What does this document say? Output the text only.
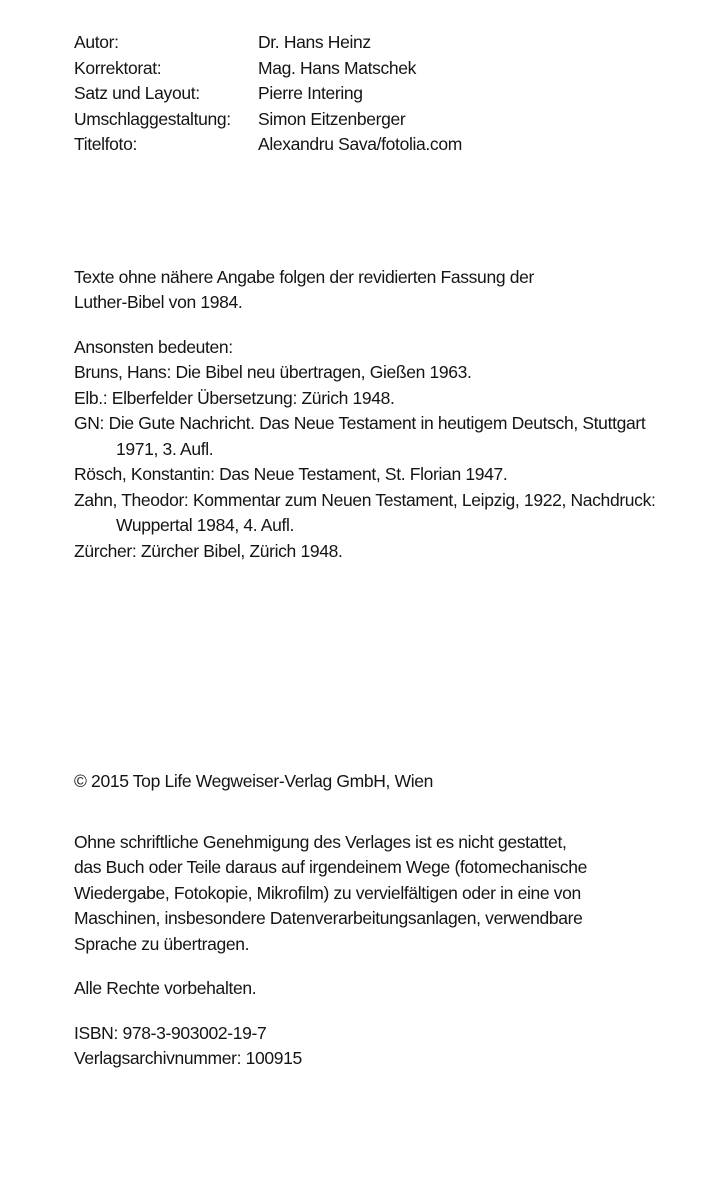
Autor:	Dr. Hans Heinz
Korrektorat:	Mag. Hans Matschek
Satz und Layout:	Pierre Intering
Umschlaggestaltung:	Simon Eitzenberger
Titelfoto:	Alexandru Sava/fotolia.com
Texte ohne nähere Angabe folgen der revidierten Fassung der
Luther-Bibel von 1984.

Ansonsten bedeuten:

Bruns, Hans: Die Bibel neu übertragen, Gießen 1963.
Elb.: Elberfelder Übersetzung: Zürich 1948.
GN: Die Gute Nachricht. Das Neue Testament in heutigem Deutsch, Stuttgart 1971, 3. Aufl.
Rösch, Konstantin: Das Neue Testament, St. Florian 1947.
Zahn, Theodor: Kommentar zum Neuen Testament, Leipzig, 1922, Nachdruck: Wuppertal 1984, 4. Aufl.
Zürcher: Zürcher Bibel, Zürich 1948.
© 2015 Top Life Wegweiser-Verlag GmbH, Wien
Ohne schriftliche Genehmigung des Verlages ist es nicht gestattet,
das Buch oder Teile daraus auf irgendeinem Wege (fotomechanische
Wiedergabe, Fotokopie, Mikrofilm) zu vervielfältigen oder in eine von
Maschinen, insbesondere Datenverarbeitungsanlagen, verwendbare
Sprache zu übertragen.
Alle Rechte vorbehalten.
ISBN: 978-3-903002-19-7
Verlagsarchivnummer: 100915
